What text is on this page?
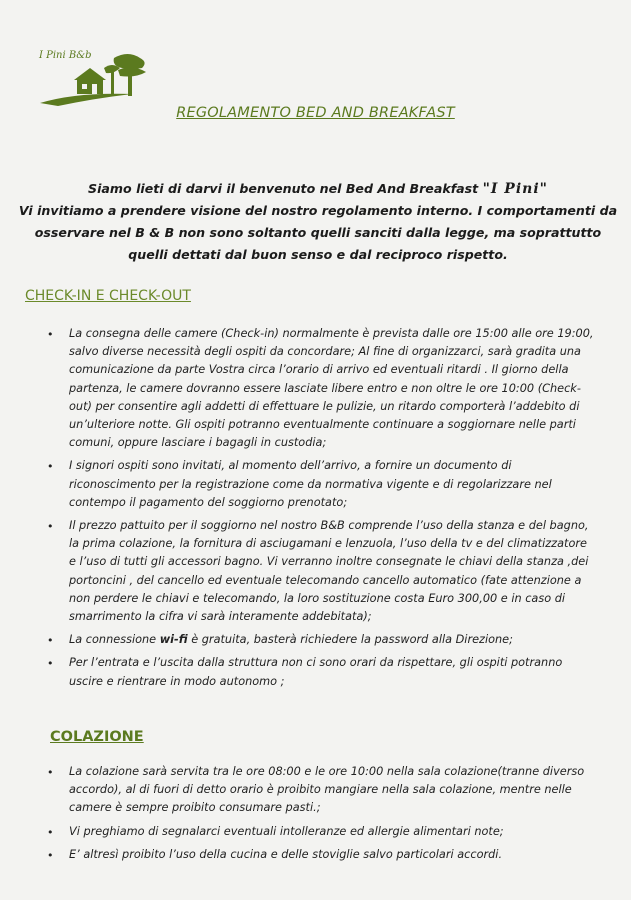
I Pini B&b
REGOLAMENTO BED AND BREAKFAST
Siamo lieti di darvi il benvenuto nel Bed And Breakfast "I Pini"
Vi invitiamo a prendere visione del nostro regolamento interno. I comportamenti da osservare nel B & B non sono soltanto quelli sanciti dalla legge, ma soprattutto quelli dettati dal buon senso e dal reciproco rispetto.
CHECK-IN E CHECK-OUT
• La consegna delle camere (Check-in) normalmente è prevista dalle ore 15:00 alle ore 19:00, salvo diverse necessità degli ospiti da concordare; Al fine di organizzarci, sarà gradita una comunicazione da parte Vostra circa l’orario di arrivo ed eventuali ritardi . Il giorno della partenza, le camere dovranno essere lasciate libere entro e non oltre le ore 10:00 (Check-out) per consentire agli addetti di effettuare le pulizie, un ritardo comporterà l’addebito di un’ulteriore notte. Gli ospiti potranno eventualmente continuare a soggiornare nelle parti comuni, oppure lasciare i bagagli in custodia;
• I signori ospiti sono invitati, al momento dell’arrivo, a fornire un documento di riconoscimento per la registrazione come da normativa vigente e di regolarizzare nel contempo il pagamento del soggiorno prenotato;
• Il prezzo pattuito per il soggiorno nel nostro B&B comprende l’uso della stanza e del bagno, la prima colazione, la fornitura di asciugamani e lenzuola, l’uso della tv e del climatizzatore e l’uso di tutti gli accessori bagno. Vi verranno inoltre consegnate le chiavi della stanza ,dei portoncini , del cancello ed eventuale telecomando cancello automatico (fate attenzione a non perdere le chiavi e telecomando, la loro sostituzione costa Euro 300,00 e in caso di smarrimento la cifra vi sarà interamente addebitata);
• La connessione wi-fi è gratuita, basterà richiedere la password alla Direzione;
• Per l’entrata e l’uscita dalla struttura non ci sono orari da rispettare, gli ospiti potranno uscire e rientrare in modo autonomo ;
COLAZIONE
• La colazione sarà servita tra le ore 08:00 e le ore 10:00 nella sala colazione(tranne diverso accordo), al di fuori di detto orario è proibito mangiare nella sala colazione, mentre nelle camere è sempre proibito consumare pasti.;
• Vi preghiamo di segnalarci eventuali intolleranze ed allergie alimentari note;
• E’ altresì proibito l’uso della cucina e delle stoviglie salvo particolari accordi.
